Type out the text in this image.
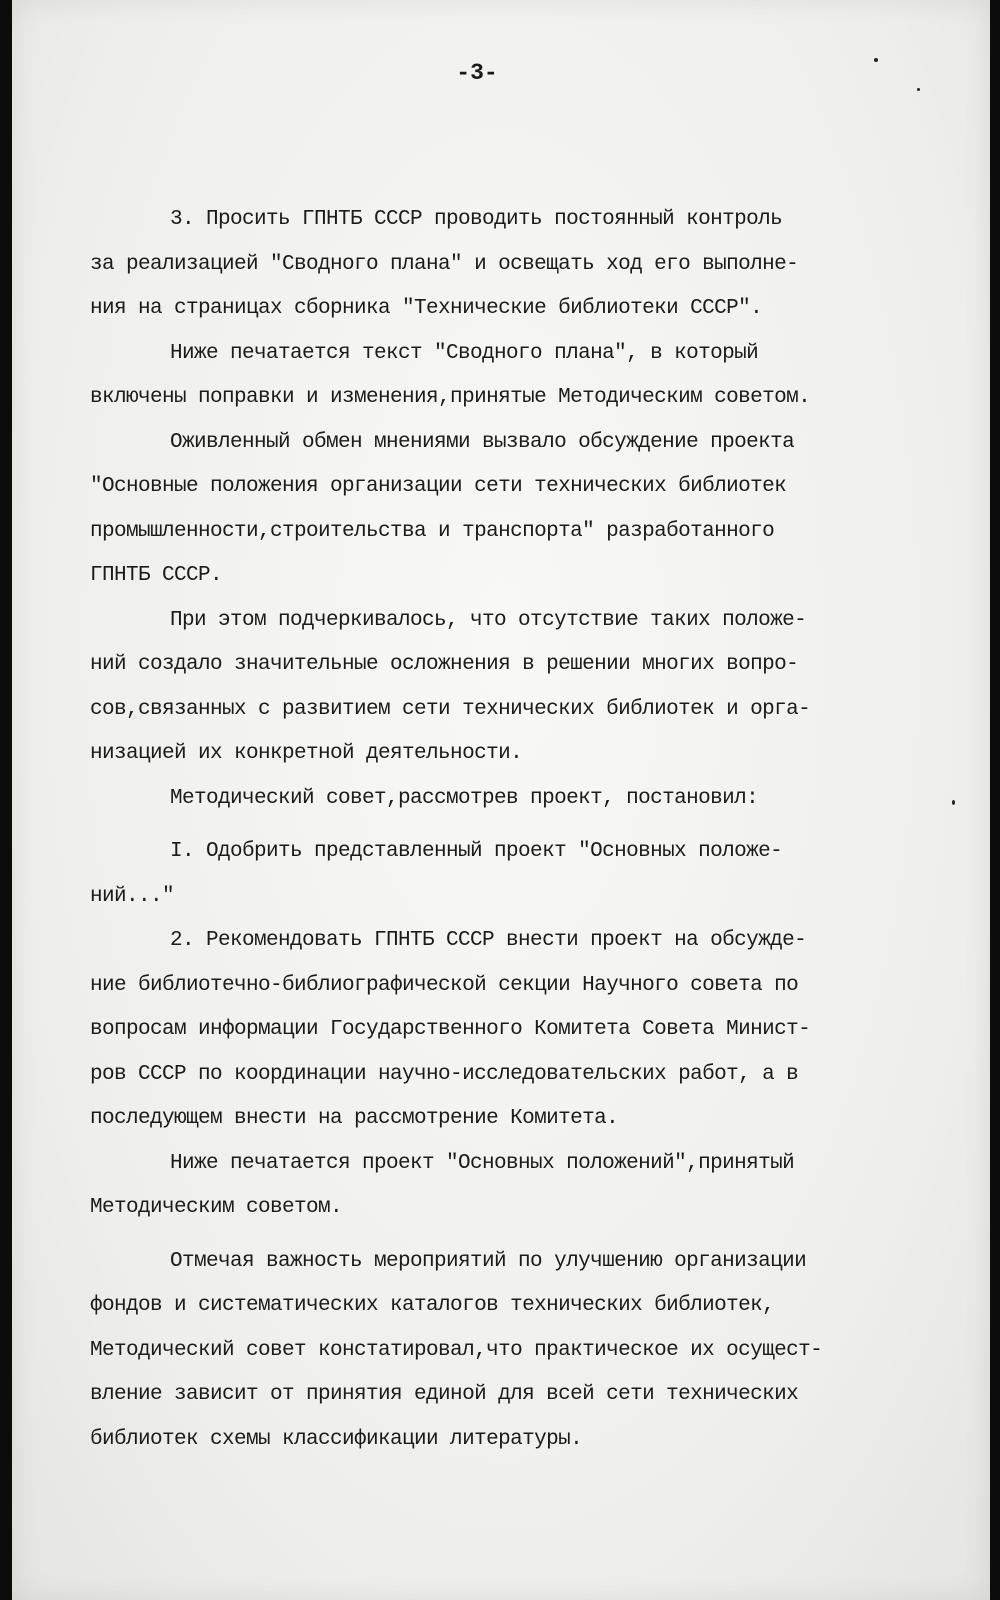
-3-
3. Просить ГПНТБ СССР проводить постоянный контроль
за реализацией "Сводного плана" и освещать ход его выполне-
ния на страницах сборника "Технические библиотеки СССР".
Ниже печатается текст "Сводного плана", в который
включены поправки и изменения,принятые Методическим советом.
Оживленный обмен мнениями вызвало обсуждение проекта
"Основные положения организации сети технических библиотек
промышленности,строительства и транспорта" разработанного
ГПНТБ СССР.
При этом подчеркивалось, что отсутствие таких положе-
ний создало значительные осложнения в решении многих вопро-
сов,связанных с развитием сети технических библиотек и орга-
низацией их конкретной деятельности.
Методический совет,рассмотрев проект, постановил:
I. Одобрить представленный проект "Основных положе-
ний..."
2. Рекомендовать ГПНТБ СССР внести проект на обсужде-
ние библиотечно-библиографической секции Научного совета по
вопросам информации Государственного Комитета Совета Минист-
ров СССР по координации научно-исследовательских работ, а в
последующем внести на рассмотрение Комитета.
Ниже печатается проект "Основных положений",принятый
Методическим советом.
Отмечая важность мероприятий по улучшению организации
фондов и систематических каталогов технических библиотек,
Методический совет констатировал,что практическое их осущест-
вление зависит от принятия единой для всей сети технических
библиотек схемы классификации литературы.
